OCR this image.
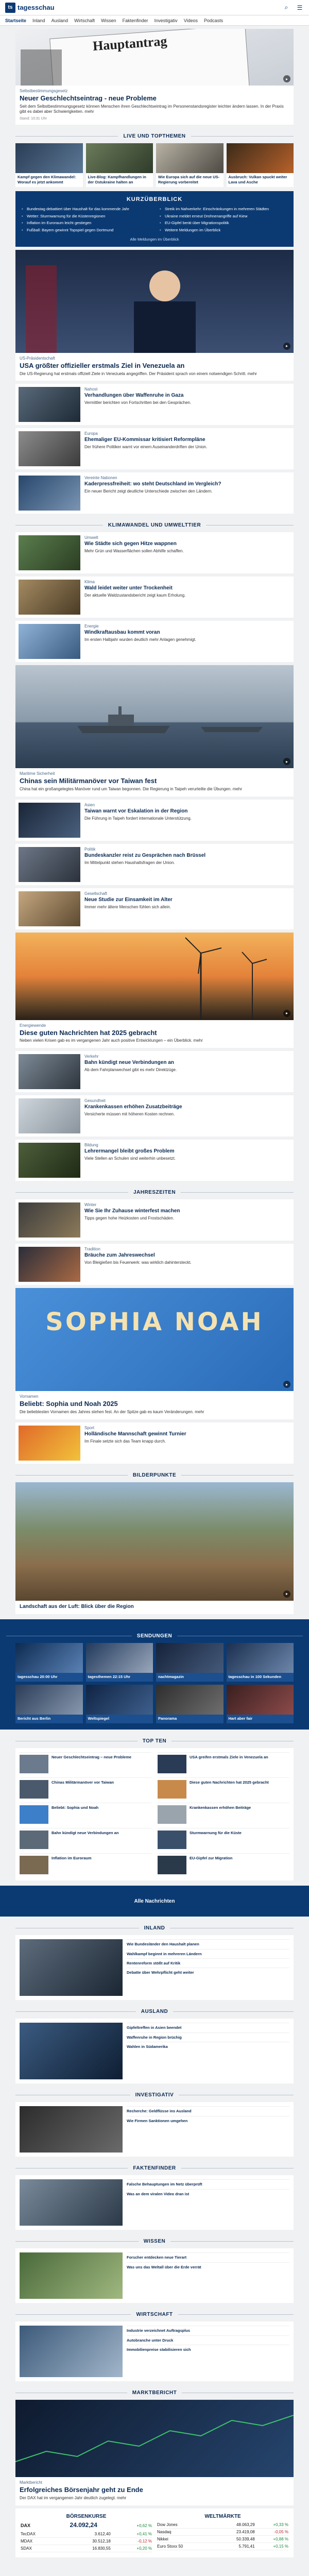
ts tagesschau	⌕	☰
Startseite Inland Ausland Wirtschaft Wissen Faktenfinder Investigativ Videos Podcasts
Hauptantrag
▸
Selbstbestimmungsgesetz
Neuer Geschlechtseintrag - neue Probleme
Seit dem Selbstbestimmungsgesetz können Menschen ihren Geschlechtseintrag im Personenstandsregister leichter ändern lassen. In der Praxis gibt es dabei aber Schwierigkeiten. mehr
Stand: 10:31 Uhr
LIVE UND TOPTHEMEN
Kampf gegen den Klimawandel: Worauf es jetzt ankommt
Live-Blog: Kampfhandlungen in der Ostukraine halten an
Wie Europa sich auf die neue US-Regierung vorbereitet
Ausbruch: Vulkan spuckt weiter Lava und Asche
KURZÜBERBLICK
• Bundestag debattiert über Haushalt für das kommende Jahr	• Streik im Nahverkehr: Einschränkungen in mehreren Städten
• Wetter: Sturmwarnung für die Küstenregionen	• Ukraine meldet erneut Drohnenangriffe auf Kiew
• Inflation im Euroraum leicht gestiegen	• EU-Gipfel berät über Migrationspolitik
• Fußball: Bayern gewinnt Topspiel gegen Dortmund	• Weitere Meldungen im Überblick
Alle Meldungen im Überblick
▸
US-Präsidentschaft
USA größter offizieller erstmals Ziel in Venezuela an
Die US-Regierung hat erstmals offiziell Ziele in Venezuela angegriffen. Der Präsident sprach von einem notwendigen Schritt. mehr
Nahost
Verhandlungen über Waffenruhe in Gaza
Vermittler berichten von Fortschritten bei den Gesprächen.
Europa
Ehemaliger EU-Kommissar kritisiert Reformpläne
Der frühere Politiker warnt vor einem Auseinanderdriften der Union.
Vereinte Nationen
Kaderpressfreiheit: wo steht Deutschland im Vergleich?
Ein neuer Bericht zeigt deutliche Unterschiede zwischen den Ländern.
KLIMAWANDEL UND UMWELTTIER
Umwelt
Wie Städte sich gegen Hitze wappnen
Mehr Grün und Wasserflächen sollen Abhilfe schaffen.
Klima
Wald leidet weiter unter Trockenheit
Der aktuelle Waldzustandsbericht zeigt kaum Erholung.
Energie
Windkraftausbau kommt voran
Im ersten Halbjahr wurden deutlich mehr Anlagen genehmigt.
▸
Maritime Sicherheit
Chinas sein Militärmanöver vor Taiwan fest
China hat ein großangelegtes Manöver rund um Taiwan begonnen. Die Regierung in Taipeh verurteilte die Übungen. mehr
Asien
Taiwan warnt vor Eskalation in der Region
Die Führung in Taipeh fordert internationale Unterstützung.
Politik
Bundeskanzler reist zu Gesprächen nach Brüssel
Im Mittelpunkt stehen Haushaltsfragen der Union.
Gesellschaft
Neue Studie zur Einsamkeit im Alter
Immer mehr ältere Menschen fühlen sich allein.
▸
Energiewende
Diese guten Nachrichten hat 2025 gebracht
Neben vielen Krisen gab es im vergangenen Jahr auch positive Entwicklungen – ein Überblick. mehr
Verkehr
Bahn kündigt neue Verbindungen an
Ab dem Fahrplanwechsel gibt es mehr Direktzüge.
Gesundheit
Krankenkassen erhöhen Zusatzbeiträge
Versicherte müssen mit höheren Kosten rechnen.
Bildung
Lehrermangel bleibt großes Problem
Viele Stellen an Schulen sind weiterhin unbesetzt.
JAHRESZEITEN
Winter
Wie Sie Ihr Zuhause winterfest machen
Tipps gegen hohe Heizkosten und Frostschäden.
Tradition
Bräuche zum Jahreswechsel
Von Bleigießen bis Feuerwerk: was wirklich dahintersteckt.
SOPHIA NOAH
▸
Vornamen
Beliebt: Sophia und Noah 2025
Die beliebtesten Vornamen des Jahres stehen fest. An der Spitze gab es kaum Veränderungen. mehr
Sport
Holländische Mannschaft gewinnt Turnier
Im Finale setzte sich das Team knapp durch.
BILDERPUNKTE
▸
Landschaft aus der Luft: Blick über die Region
SENDUNGEN
tagesschau 20:00 Uhr	tagesthemen 22:15 Uhr	nachtmagazin	tagesschau in 100 Sekunden
Bericht aus Berlin	Weltspiegel	Panorama	Hart aber fair
TOP TEN
Neuer Geschlechtseintrag – neue Probleme	USA greifen erstmals Ziele in Venezuela an
Chinas Militärmanöver vor Taiwan	Diese guten Nachrichten hat 2025 gebracht
Beliebt: Sophia und Noah	Krankenkassen erhöhen Beiträge
Bahn kündigt neue Verbindungen an	Sturmwarnung für die Küste
Inflation im Euroraum	EU-Gipfel zur Migration
Alle Nachrichten
INLAND
Wie Bundesländer den Haushalt planen
Wahlkampf beginnt in mehreren Ländern
Rentenreform stößt auf Kritik
Debatte über Wehrpflicht geht weiter
AUSLAND
Gipfeltreffen in Asien beendet
Waffenruhe in Region brüchig
Wahlen in Südamerika
INVESTIGATIV
Recherche: Geldflüsse ins Ausland
Wie Firmen Sanktionen umgehen
FAKTENFINDER
Falsche Behauptungen im Netz überprüft
Was an dem viralen Video dran ist
WISSEN
Forscher entdecken neue Tierart
Was uns das Weltall über die Erde verrät
WIRTSCHAFT
Industrie verzeichnet Auftragsplus
Autobranche unter Druck
Immobilienpreise stabilisieren sich
MARKTBERICHT
Marktbericht
Erfolgreiches Börsenjahr geht zu Ende
Der DAX hat im vergangenen Jahr deutlich zugelegt. mehr
BÖRSENKURSE
DAX	24.092,24	+0,62 %
TecDAX	3.612,40	+0,41 %
MDAX	30.512,18	-0,12 %
SDAX	16.830,55	+0,20 %
WELTMÄRKTE
Dow Jones	48.063,29	+0,33 %
Nasdaq	23.419,08	-0,05 %
Nikkei	50.339,48	+0,88 %
Euro Stoxx 50	5.791,41	+0,15 %
